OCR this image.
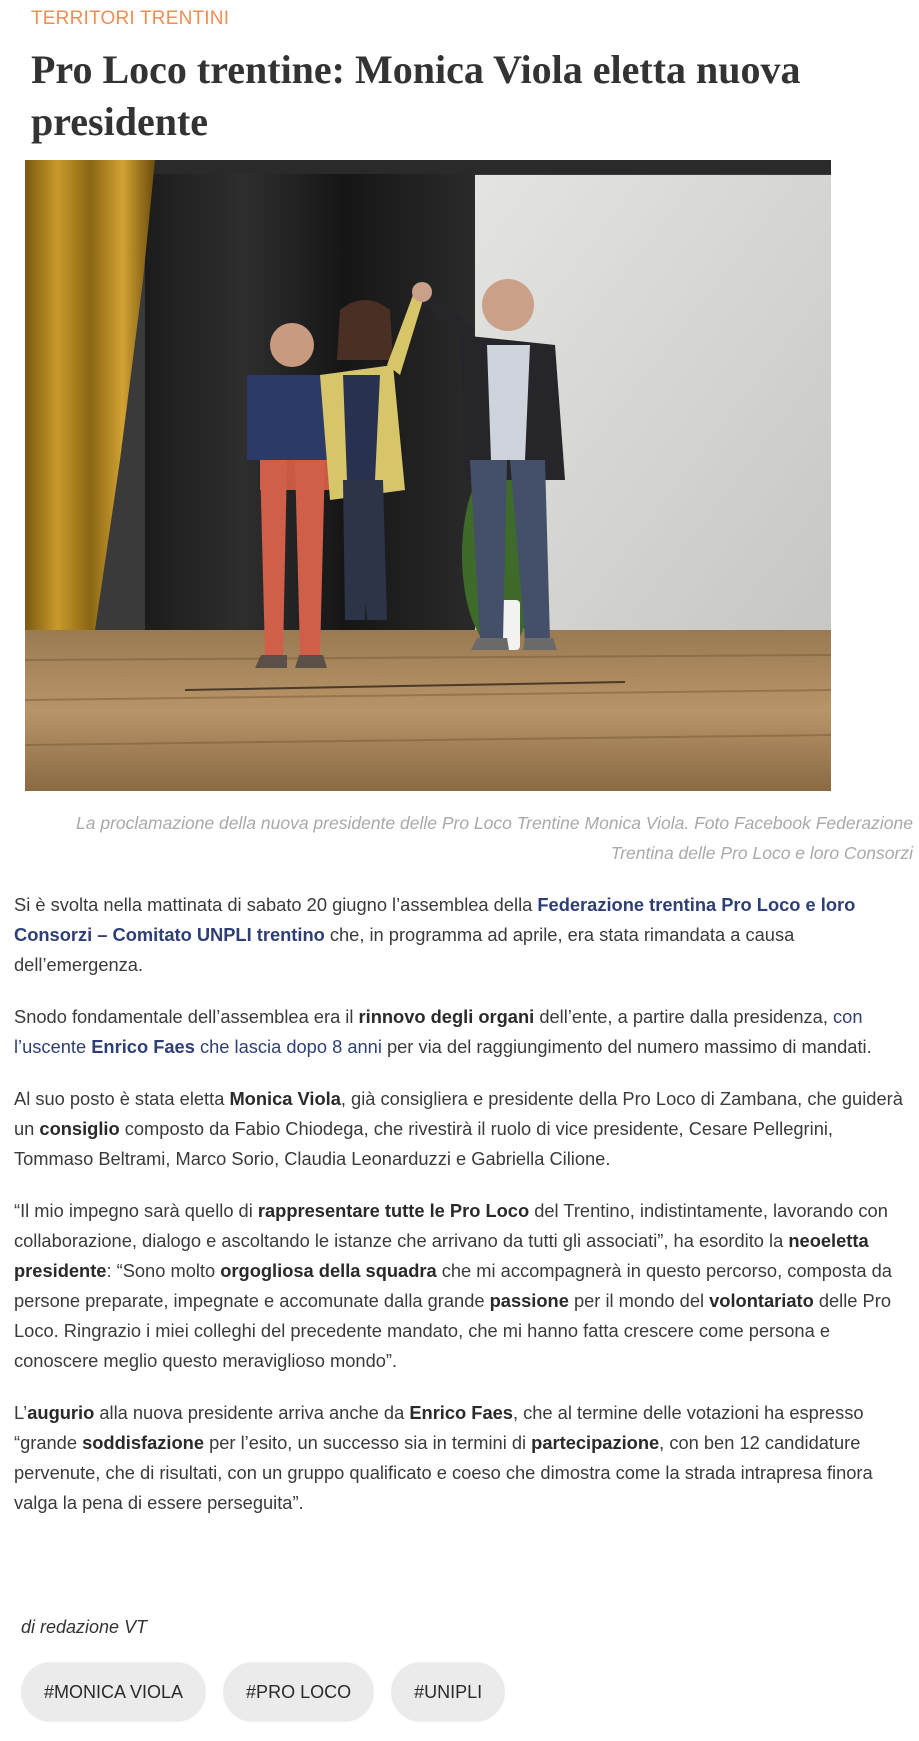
TERRITORI TRENTINI
Pro Loco trentine: Monica Viola eletta nuova presidente
La proclamazione della nuova presidente delle Pro Loco Trentine Monica Viola. Foto Facebook Federazione Trentina delle Pro Loco e loro Consorzi

Si è svolta nella mattinata di sabato 20 giugno l’assemblea della Federazione trentina Pro Loco e loro Consorzi – Comitato UNPLI trentino che, in programma ad aprile, era stata rimandata a causa dell’emergenza.

Snodo fondamentale dell’assemblea era il rinnovo degli organi dell’ente, a partire dalla presidenza, con l’uscente Enrico Faes che lascia dopo 8 anni per via del raggiungimento del numero massimo di mandati.

Al suo posto è stata eletta Monica Viola, già consigliera e presidente della Pro Loco di Zambana, che guiderà un consiglio composto da Fabio Chiodega, che rivestirà il ruolo di vice presidente, Cesare Pellegrini, Tommaso Beltrami, Marco Sorio, Claudia Leonarduzzi e Gabriella Cilione.

“Il mio impegno sarà quello di rappresentare tutte le Pro Loco del Trentino, indistintamente, lavorando con collaborazione, dialogo e ascoltando le istanze che arrivano da tutti gli associati”, ha esordito la neoeletta presidente: “Sono molto orgogliosa della squadra che mi accompagnerà in questo percorso, composta da persone preparate, impegnate e accomunate dalla grande passione per il mondo del volontariato delle Pro Loco. Ringrazio i miei colleghi del precedente mandato, che mi hanno fatta crescere come persona e conoscere meglio questo meraviglioso mondo”.

L’augurio alla nuova presidente arriva anche da Enrico Faes, che al termine delle votazioni ha espresso “grande soddisfazione per l’esito, un successo sia in termini di partecipazione, con ben 12 candidature pervenute, che di risultati, con un gruppo qualificato e coeso che dimostra come la strada intrapresa finora valga la pena di essere perseguita”.

di redazione VT
#MONICA VIOLA	#PRO LOCO	#UNIPLI
